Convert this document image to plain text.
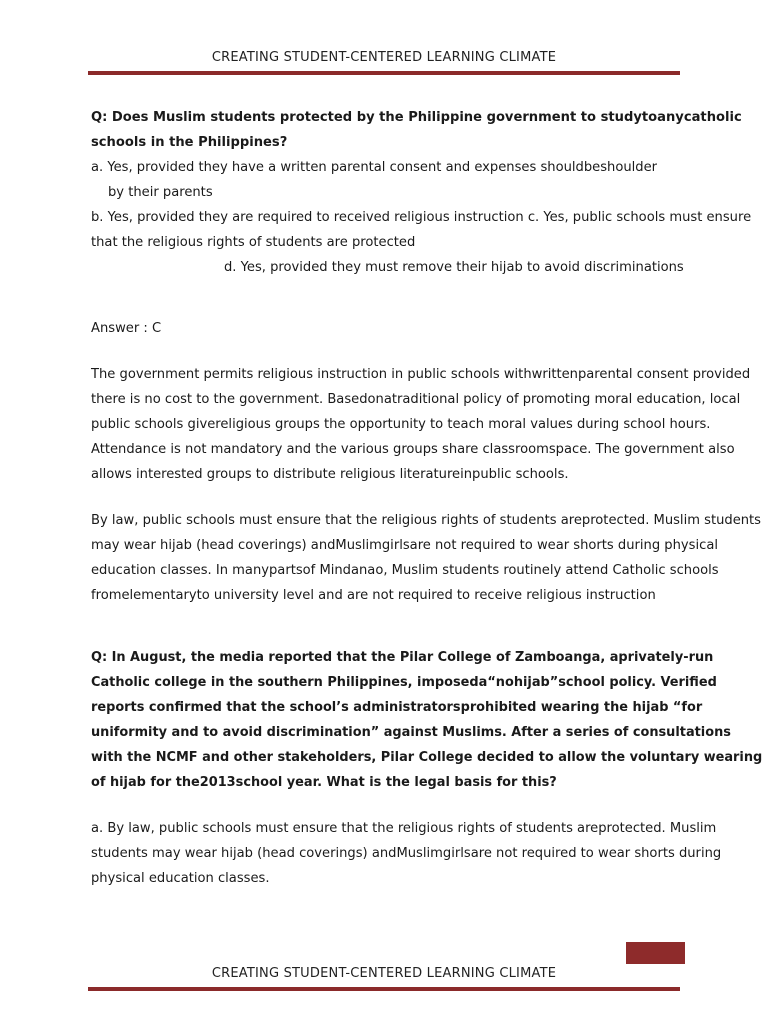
CREATING STUDENT-CENTERED LEARNING CLIMATE

Q: Does Muslim students protected by the Philippine government to studytoanycatholic schools in the Philippines?

a. Yes, provided they have a written parental consent and expenses shouldbeshoulder

by their parents

b. Yes, provided they are required to received religious instruction c. Yes, public schools must ensure that the religious rights of students are protected

d. Yes, provided they must remove their hijab to avoid discriminations

Answer : C

The government permits religious instruction in public schools withwrittenparental consent provided there is no cost to the government. Basedonatraditional policy of promoting moral education, local public schools givereligious groups the opportunity to teach moral values during school hours. Attendance is not mandatory and the various groups share classroomspace. The government also allows interested groups to distribute religious literatureinpublic schools.

By law, public schools must ensure that the religious rights of students areprotected. Muslim students may wear hijab (head coverings) andMuslimgirlsare not required to wear shorts during physical education classes. In manypartsof Mindanao, Muslim students routinely attend Catholic schools fromelementaryto university level and are not required to receive religious instruction

Q: In August, the media reported that the Pilar College of Zamboanga, aprivately-run Catholic college in the southern Philippines, imposeda“nohijab”school policy. Verified reports confirmed that the school’s administratorsprohibited wearing the hijab “for uniformity and to avoid discrimination” against Muslims. After a series of consultations with the NCMF and other stakeholders, Pilar College decided to allow the voluntary wearing of hijab for the2013school year. What is the legal basis for this?

a. By law, public schools must ensure that the religious rights of students areprotected. Muslim students may wear hijab (head coverings) andMuslimgirlsare not required to wear shorts during physical education classes.

CREATING STUDENT-CENTERED LEARNING CLIMATE
